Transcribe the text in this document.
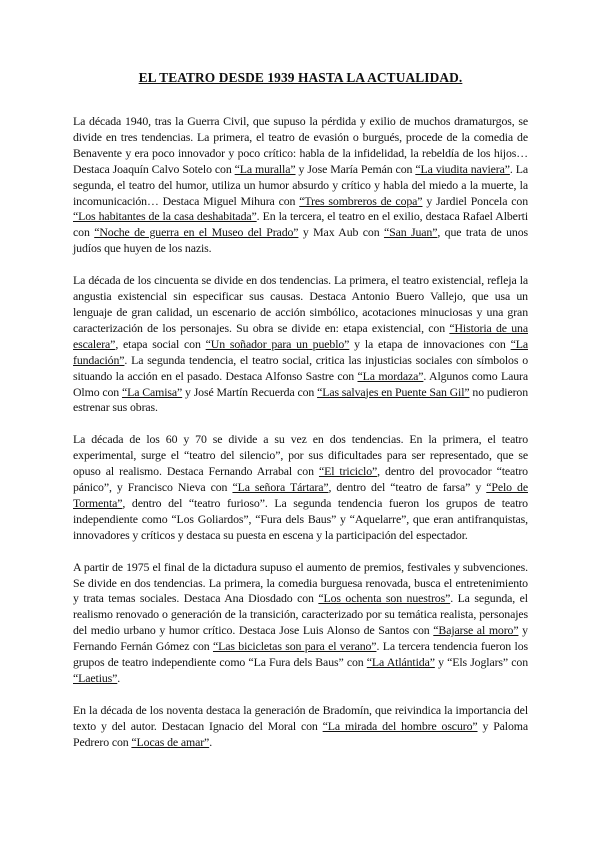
EL TEATRO DESDE 1939 HASTA LA ACTUALIDAD.

La década 1940, tras la Guerra Civil, que supuso la pérdida y exilio de muchos dramaturgos, se divide en tres tendencias. La primera, el teatro de evasión o burgués, procede de la comedia de Benavente y era poco innovador y poco crítico: habla de la infidelidad, la rebeldía de los hijos… Destaca Joaquín Calvo Sotelo con “La muralla” y Jose María Pemán con “La viudita naviera”. La segunda, el teatro del humor, utiliza un humor absurdo y crítico y habla del miedo a la muerte, la incomunicación… Destaca Miguel Mihura con “Tres sombreros de copa” y Jardiel Poncela con “Los habitantes de la casa deshabitada”. En la tercera, el teatro en el exilio, destaca Rafael Alberti con “Noche de guerra en el Museo del Prado” y Max Aub con “San Juan”, que trata de unos judíos que huyen de los nazis.

La década de los cincuenta se divide en dos tendencias. La primera, el teatro existencial, refleja la angustia existencial sin especificar sus causas. Destaca Antonio Buero Vallejo, que usa un lenguaje de gran calidad, un escenario de acción simbólico, acotaciones minuciosas y una gran caracterización de los personajes. Su obra se divide en: etapa existencial, con “Historia de una escalera”, etapa social con “Un soñador para un pueblo” y la etapa de innovaciones con “La fundación”. La segunda tendencia, el teatro social, critica las injusticias sociales con símbolos o situando la acción en el pasado. Destaca Alfonso Sastre con “La mordaza”. Algunos como Laura Olmo con “La Camisa” y José Martín Recuerda con “Las salvajes en Puente San Gil” no pudieron estrenar sus obras.

La década de los 60 y 70 se divide a su vez en dos tendencias. En la primera, el teatro experimental, surge el “teatro del silencio”, por sus dificultades para ser representado, que se opuso al realismo. Destaca Fernando Arrabal con “El triciclo”, dentro del provocador “teatro pánico”, y Francisco Nieva con “La señora Tártara”, dentro del “teatro de farsa” y “Pelo de Tormenta”, dentro del “teatro furioso”. La segunda tendencia fueron los grupos de teatro independiente como “Los Goliardos”, “Fura dels Baus” y “Aquelarre”, que eran antifranquistas, innovadores y críticos y destaca su puesta en escena y la participación del espectador.

A partir de 1975 el final de la dictadura supuso el aumento de premios, festivales y subvenciones. Se divide en dos tendencias. La primera, la comedia burguesa renovada, busca el entretenimiento y trata temas sociales. Destaca Ana Diosdado con “Los ochenta son nuestros”. La segunda, el realismo renovado o generación de la transición, caracterizado por su temática realista, personajes del medio urbano y humor crítico. Destaca Jose Luis Alonso de Santos con “Bajarse al moro” y Fernando Fernán Gómez con “Las bicicletas son para el verano”. La tercera tendencia fueron los grupos de teatro independiente como “La Fura dels Baus” con “La Atlántida” y “Els Joglars” con “Laetius”.

En la década de los noventa destaca la generación de Bradomín, que reivindica la importancia del texto y del autor. Destacan Ignacio del Moral con “La mirada del hombre oscuro” y Paloma Pedrero con “Locas de amar”.
